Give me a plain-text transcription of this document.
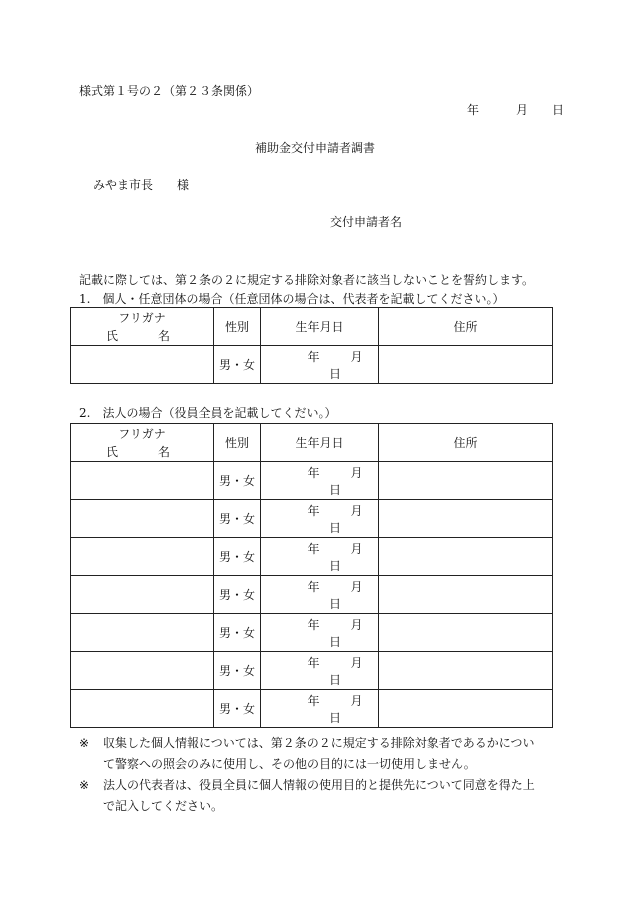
様式第１号の２（第２３条関係）
年	月 日
補助金交付申請者調書
みやま市長　　様
交付申請者名
記載に際しては、第２条の２に規定する排除対象者に該当しないことを誓約します。
1.　個人・任意団体の場合（任意団体の場合は、代表者を記載してください。）
フリガナ
氏　名	性別	生年月日	住所
	男・女	年 月日	
2.　法人の場合（役員全員を記載してくだい。）
フリガナ
氏　名	性別	生年月日	住所
	男・女	年 月日	
	男・女	年 月日	
	男・女	年 月日	
	男・女	年 月日	
	男・女	年 月日	
	男・女	年 月日	
	男・女	年 月日	
※	収集した個人情報については、第２条の２に規定する排除対象者であるかについ
て警察への照会のみに使用し、その他の目的には一切使用しません。
※	法人の代表者は、役員全員に個人情報の使用目的と提供先について同意を得た上
で記入してください。
